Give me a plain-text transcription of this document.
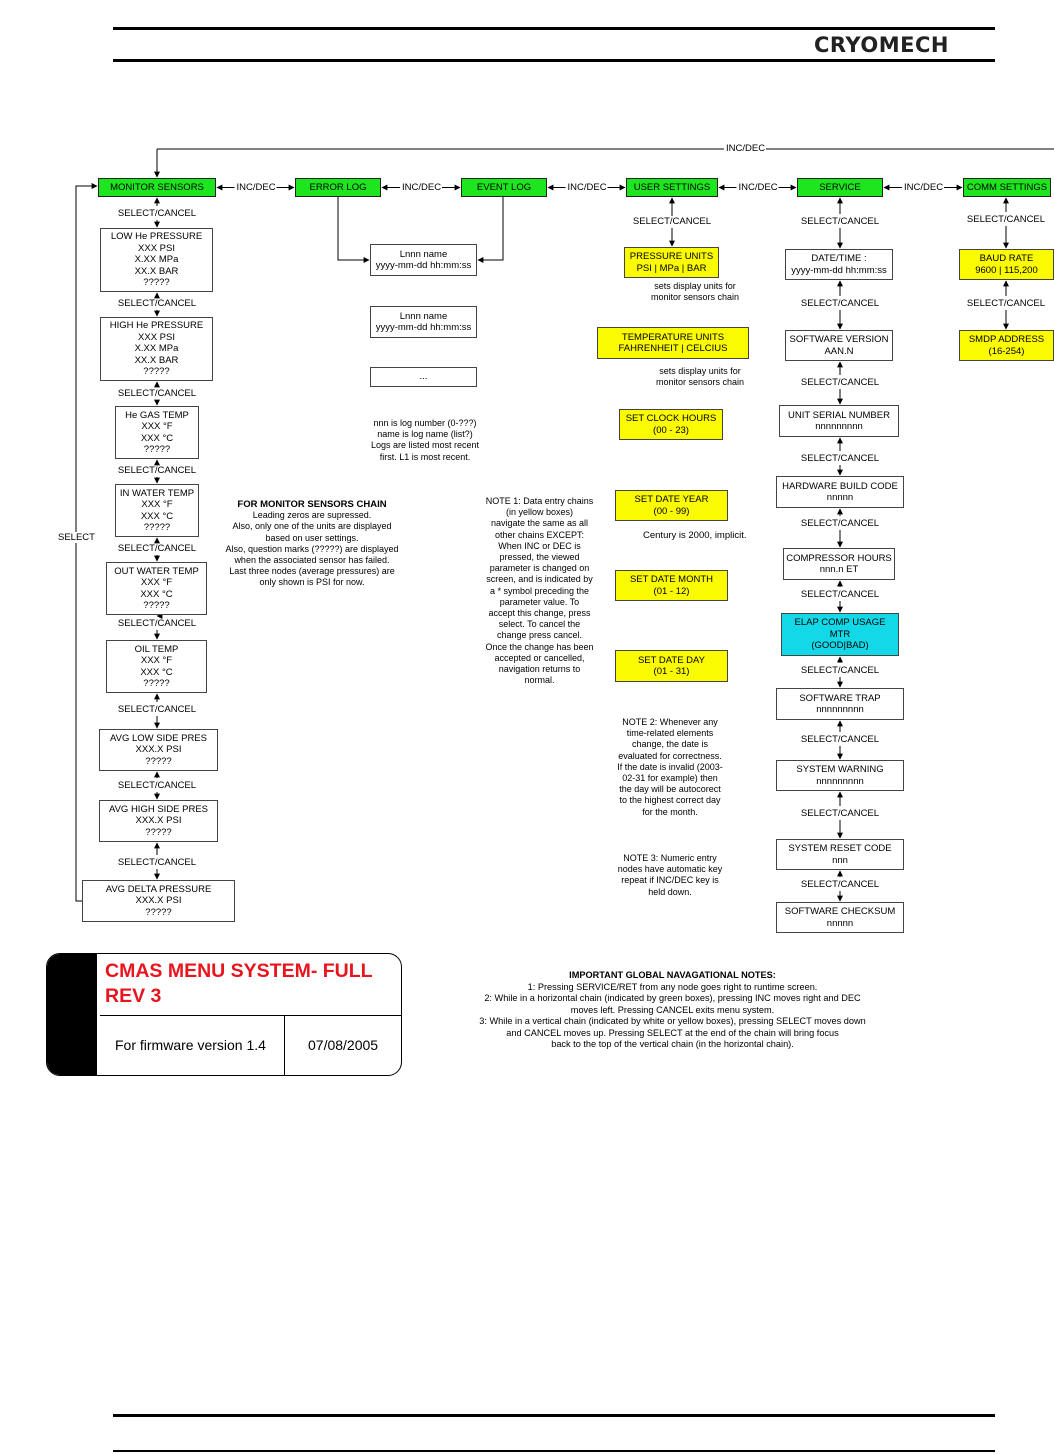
CRYOMECH
MONITOR SENSORS	ERROR LOG	EVENT LOG	USER SETTINGS	SERVICE	COMM SETTINGS
INC/DEC	INC/DEC	INC/DEC	INC/DEC	INC/DEC
INC/DEC
SELECT/CANCEL
LOW He PRESSURE
XXX PSI
X.XX MPa
XX.X BAR
?????
SELECT/CANCEL
HIGH He PRESSURE
XXX PSI
X.XX MPa
XX.X BAR
?????
SELECT/CANCEL
He GAS TEMP
XXX °F
XXX °C
?????
SELECT/CANCEL
IN WATER TEMP
XXX °F
XXX °C
?????
SELECT/CANCEL
OUT WATER TEMP
XXX °F
XXX °C
?????
SELECT/CANCEL
OIL TEMP
XXX °F
XXX °C
?????
SELECT/CANCEL
AVG LOW SIDE PRES
XXX.X PSI
?????
SELECT/CANCEL
AVG HIGH SIDE PRES
XXX.X PSI
?????
SELECT/CANCEL
AVG DELTA PRESSURE
XXX.X PSI
?????
SELECT
Lnnn name
yyyy-mm-dd hh:mm:ss
Lnnn name
yyyy-mm-dd hh:mm:ss
...
nnn is log number (0-???)
name is log name (list?)
Logs are listed most recent
first. L1 is most recent.
FOR MONITOR SENSORS CHAIN
Leading zeros are supressed.
Also, only one of the units are displayed
based on user settings.
Also, question marks (?????) are displayed
when the associated sensor has failed.
Last three nodes (average pressures) are
only shown is PSI for now.
SELECT/CANCEL
PRESSURE UNITS
PSI | MPa | BAR
sets display units for
monitor sensors chain
TEMPERATURE UNITS
FAHRENHEIT | CELCIUS
sets display units for
monitor sensors chain
SET CLOCK HOURS
(00 - 23)
SET DATE YEAR
(00 - 99)
Century is 2000, implicit.
SET DATE MONTH
(01 - 12)
SET DATE DAY
(01 - 31)
NOTE 1: Data entry chains
(in yellow boxes)
navigate the same as all
other chains EXCEPT:
When INC or DEC is
pressed, the viewed
parameter is changed on
screen, and is indicated by
a * symbol preceding the
parameter value. To
accept this change, press
select. To cancel the
change press cancel.
Once the change has been
accepted or cancelled,
navigation returns to
normal.
NOTE 2: Whenever any
time-related elements
change, the date is
evaluated for correctness.
If the date is invalid (2003-
02-31 for example) then
the day will be autocorect
to the highest correct day
for the month.
NOTE 3: Numeric entry
nodes have automatic key
repeat if INC/DEC key is
held down.
SELECT/CANCEL
DATE/TIME :
yyyy-mm-dd hh:mm:ss
SELECT/CANCEL
SOFTWARE VERSION
AAN.N
SELECT/CANCEL
UNIT SERIAL NUMBER
nnnnnnnnn
SELECT/CANCEL
HARDWARE BUILD CODE
nnnnn
SELECT/CANCEL
COMPRESSOR HOURS
nnn.n ET
SELECT/CANCEL
ELAP COMP USAGE
MTR
(GOOD|BAD)
SELECT/CANCEL
SOFTWARE TRAP
nnnnnnnnn
SELECT/CANCEL
SYSTEM WARNING
nnnnnnnnn
SELECT/CANCEL
SYSTEM RESET CODE
nnn
SELECT/CANCEL
SOFTWARE CHECKSUM
nnnnn
SELECT/CANCEL
BAUD RATE
9600 | 115,200
SELECT/CANCEL
SMDP ADDRESS
(16-254)
IMPORTANT GLOBAL NAVAGATIONAL NOTES:
1: Pressing SERVICE/RET from any node goes right to runtime screen.
2: While in a horizontal chain (indicated by green boxes), pressing INC moves right and DEC
moves left. Pressing CANCEL exits menu system.
3: While in a vertical chain (indicated by white or yellow boxes), pressing SELECT moves down
and CANCEL moves up. Pressing SELECT at the end of the chain will bring focus
back to the top of the vertical chain (in the horizontal chain).
CMAS MENU SYSTEM- FULL
REV 3
For firmware version 1.4	07/08/2005
